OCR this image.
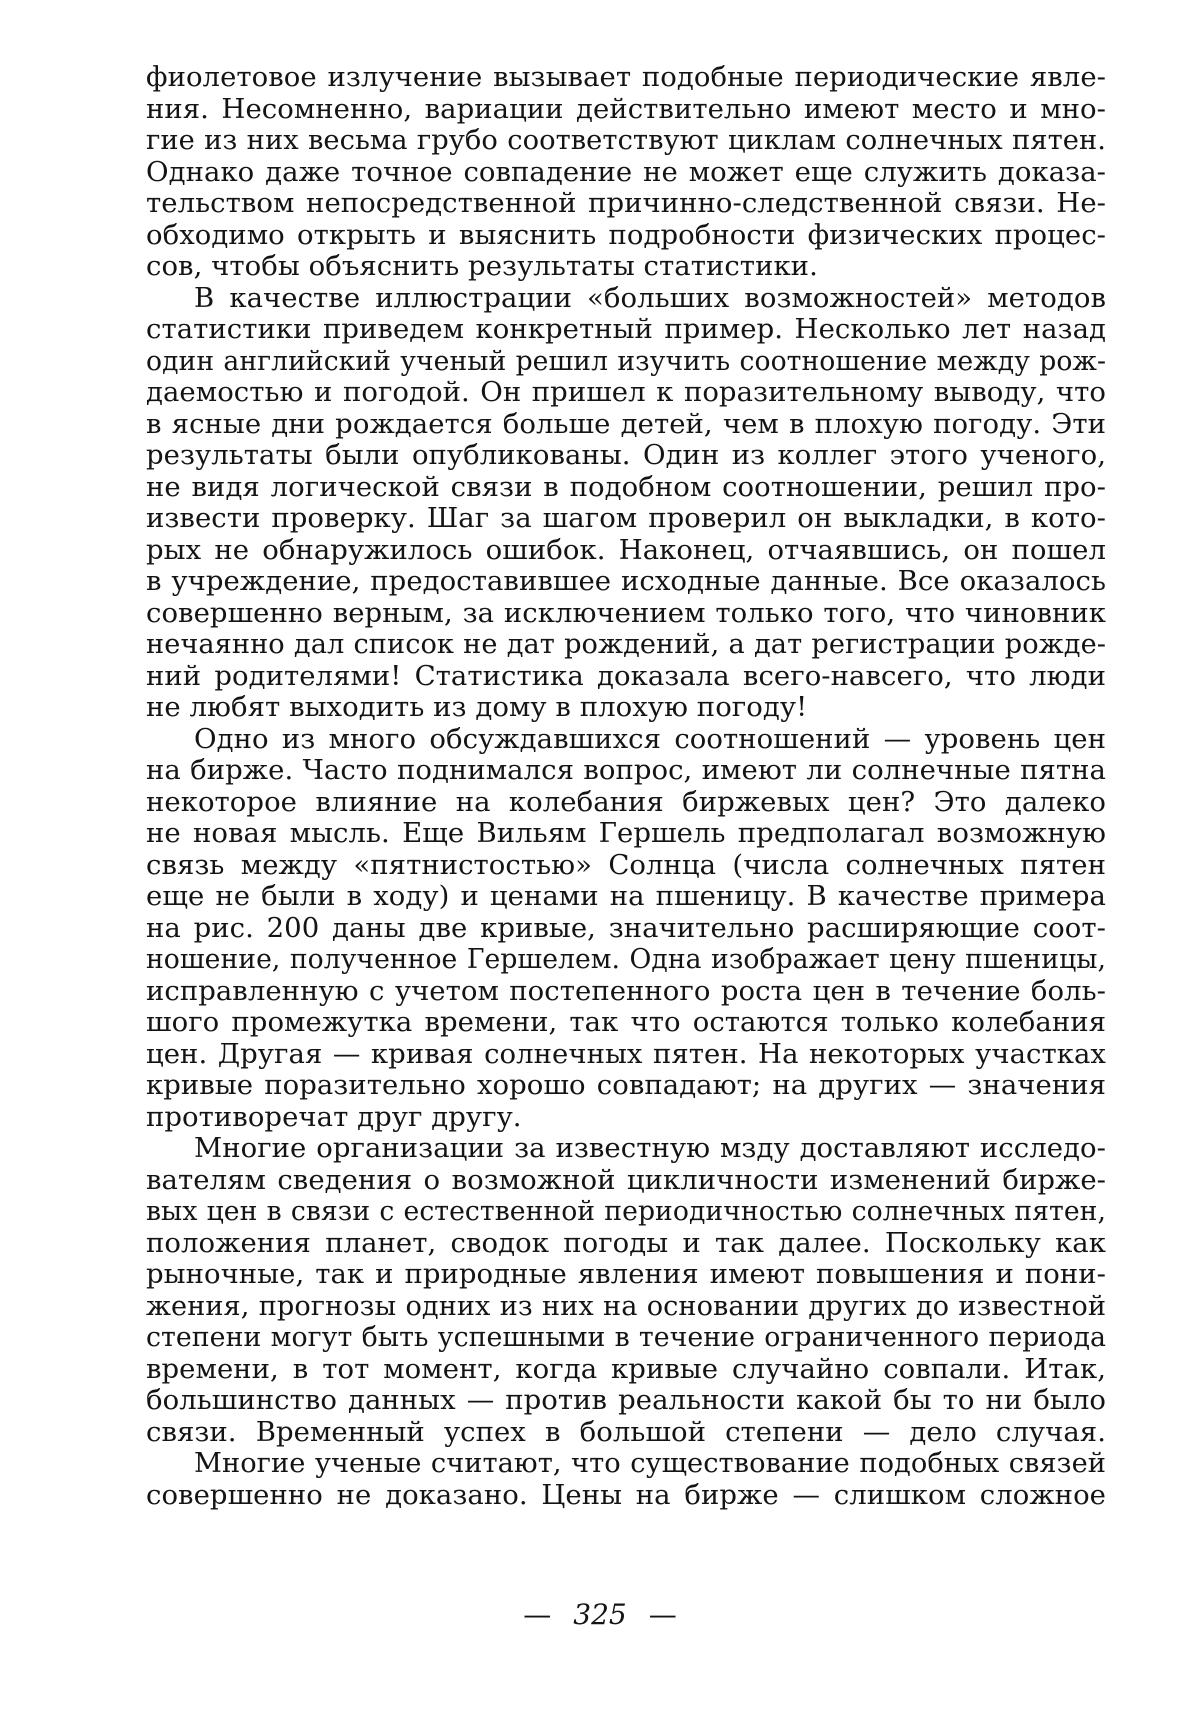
фиолетовое излучение вызывает подобные периодические явле-
ния. Несомненно, вариации действительно имеют место и мно-
гие из них весьма грубо соответствуют циклам солнечных пятен.
Однако даже точное совпадение не может еще служить доказа-
тельством непосредственной причинно-следственной связи. Не-
обходимо открыть и выяснить подробности физических процес-
сов, чтобы объяснить результаты статистики.
В качестве иллюстрации «больших возможностей» методов
статистики приведем конкретный пример. Несколько лет назад
один английский ученый решил изучить соотношение между рож-
даемостью и погодой. Он пришел к поразительному выводу, что
в ясные дни рождается больше детей, чем в плохую погоду. Эти
результаты были опубликованы. Один из коллег этого ученого,
не видя логической связи в подобном соотношении, решил про-
извести проверку. Шаг за шагом проверил он выкладки, в кото-
рых не обнаружилось ошибок. Наконец, отчаявшись, он пошел
в учреждение, предоставившее исходные данные. Все оказалось
совершенно верным, за исключением только того, что чиновник
нечаянно дал список не дат рождений, а дат регистрации рожде-
ний родителями! Статистика доказала всего-навсего, что люди
не любят выходить из дому в плохую погоду!
Одно из много обсуждавшихся соотношений — уровень цен
на бирже. Часто поднимался вопрос, имеют ли солнечные пятна
некоторое влияние на колебания биржевых цен? Это далеко
не новая мысль. Еще Вильям Гершель предполагал возможную
связь между «пятнистостью» Солнца (числа солнечных пятен
еще не были в ходу) и ценами на пшеницу. В качестве примера
на рис. 200 даны две кривые, значительно расширяющие соот-
ношение, полученное Гершелем. Одна изображает цену пшеницы,
исправленную с учетом постепенного роста цен в течение боль-
шого промежутка времени, так что остаются только колебания
цен. Другая — кривая солнечных пятен. На некоторых участках
кривые поразительно хорошо совпадают; на других — значения
противоречат друг другу.
Многие организации за известную мзду доставляют исследо-
вателям сведения о возможной цикличности изменений бирже-
вых цен в связи с естественной периодичностью солнечных пятен,
положения планет, сводок погоды и так далее. Поскольку как
рыночные, так и природные явления имеют повышения и пони-
жения, прогнозы одних из них на основании других до известной
степени могут быть успешными в течение ограниченного периода
времени, в тот момент, когда кривые случайно совпали. Итак,
большинство данных — против реальности какой бы то ни было
связи. Временный успех в большой степени — дело случая.
Многие ученые считают, что существование подобных связей
совершенно не доказано. Цены на бирже — слишком сложное
— 325 —
